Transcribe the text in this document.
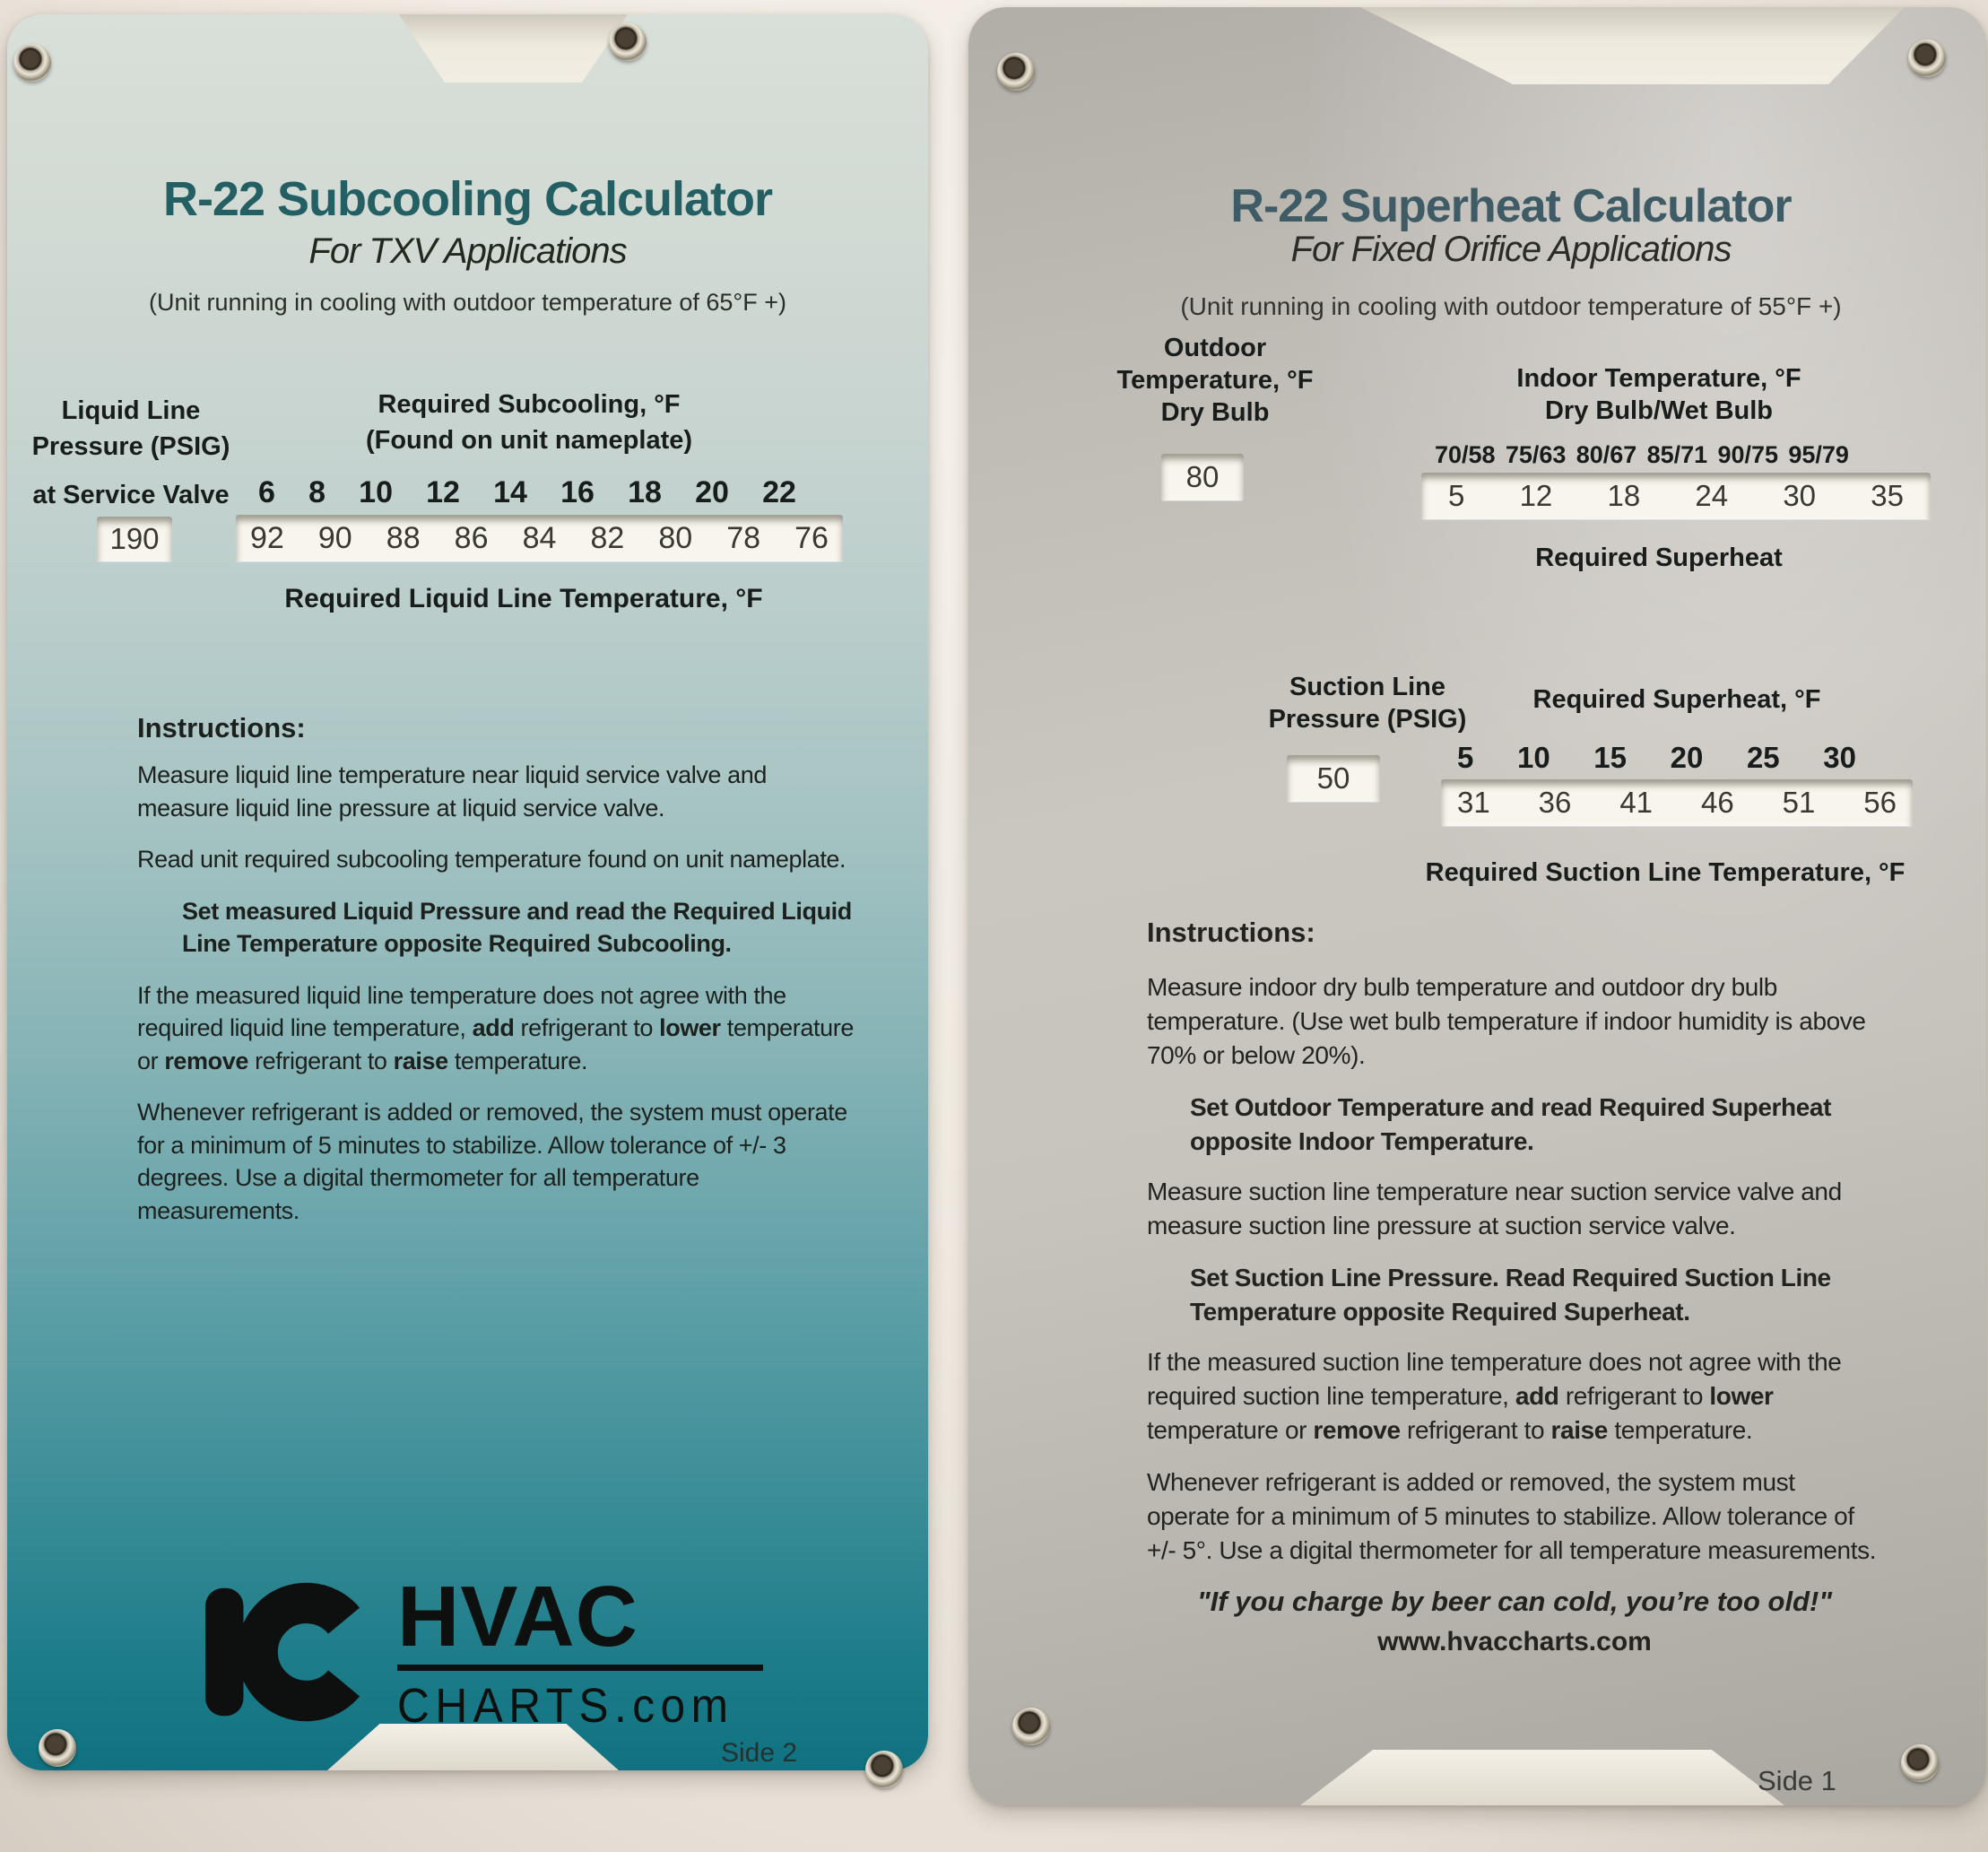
R-22 Subcooling Calculator
For TXV Applications
(Unit running in cooling with outdoor temperature of 65°F +)
Liquid Line
Pressure (PSIG)
at Service Valve
Required Subcooling, °F
(Found on unit nameplate)
6 8 10 12 14 16 18 20 22
190	92 90 88 86 84 82 80 78 76
Required Liquid Line Temperature, °F
Instructions:

Measure liquid line temperature near liquid service valve and measure liquid line pressure at liquid service valve.

Read unit required subcooling temperature found on unit nameplate.

Set measured Liquid Pressure and read the Required Liquid Line Temperature opposite Required Subcooling.

If the measured liquid line temperature does not agree with the required liquid line temperature, add refrigerant to lower temperature or remove refrigerant to raise temperature.

Whenever refrigerant is added or removed, the system must operate for a minimum of 5 minutes to stabilize. Allow tolerance of +/- 3 degrees. Use a digital thermometer for all temperature measurements.

HVAC
CHARTS.com
Side 2
R-22 Superheat Calculator
For Fixed Orifice Applications
(Unit running in cooling with outdoor temperature of 55°F +)
Outdoor
Temperature, °F
Dry Bulb
80
Indoor Temperature, °F
Dry Bulb/Wet Bulb
70/58 75/63 80/67 85/71 90/75 95/79
5 12 18 24 30 35
Required Superheat
Suction Line
Pressure (PSIG)
Required Superheat, °F
5 10 15 20 25 30
50
31 36 41 46 51 56
Required Suction Line Temperature, °F
Instructions:

Measure indoor dry bulb temperature and outdoor dry bulb temperature. (Use wet bulb temperature if indoor humidity is above 70% or below 20%).

Set Outdoor Temperature and read Required Superheat opposite Indoor Temperature.

Measure suction line temperature near suction service valve and measure suction line pressure at suction service valve.

Set Suction Line Pressure. Read Required Suction Line Temperature opposite Required Superheat.

If the measured suction line temperature does not agree with the required suction line temperature, add refrigerant to lower temperature or remove refrigerant to raise temperature.

Whenever refrigerant is added or removed, the system must operate for a minimum of 5 minutes to stabilize. Allow tolerance of +/- 5°. Use a digital thermometer for all temperature measurements.

"If you charge by beer can cold, you’re too old!"
www.hvaccharts.com
Side 1
